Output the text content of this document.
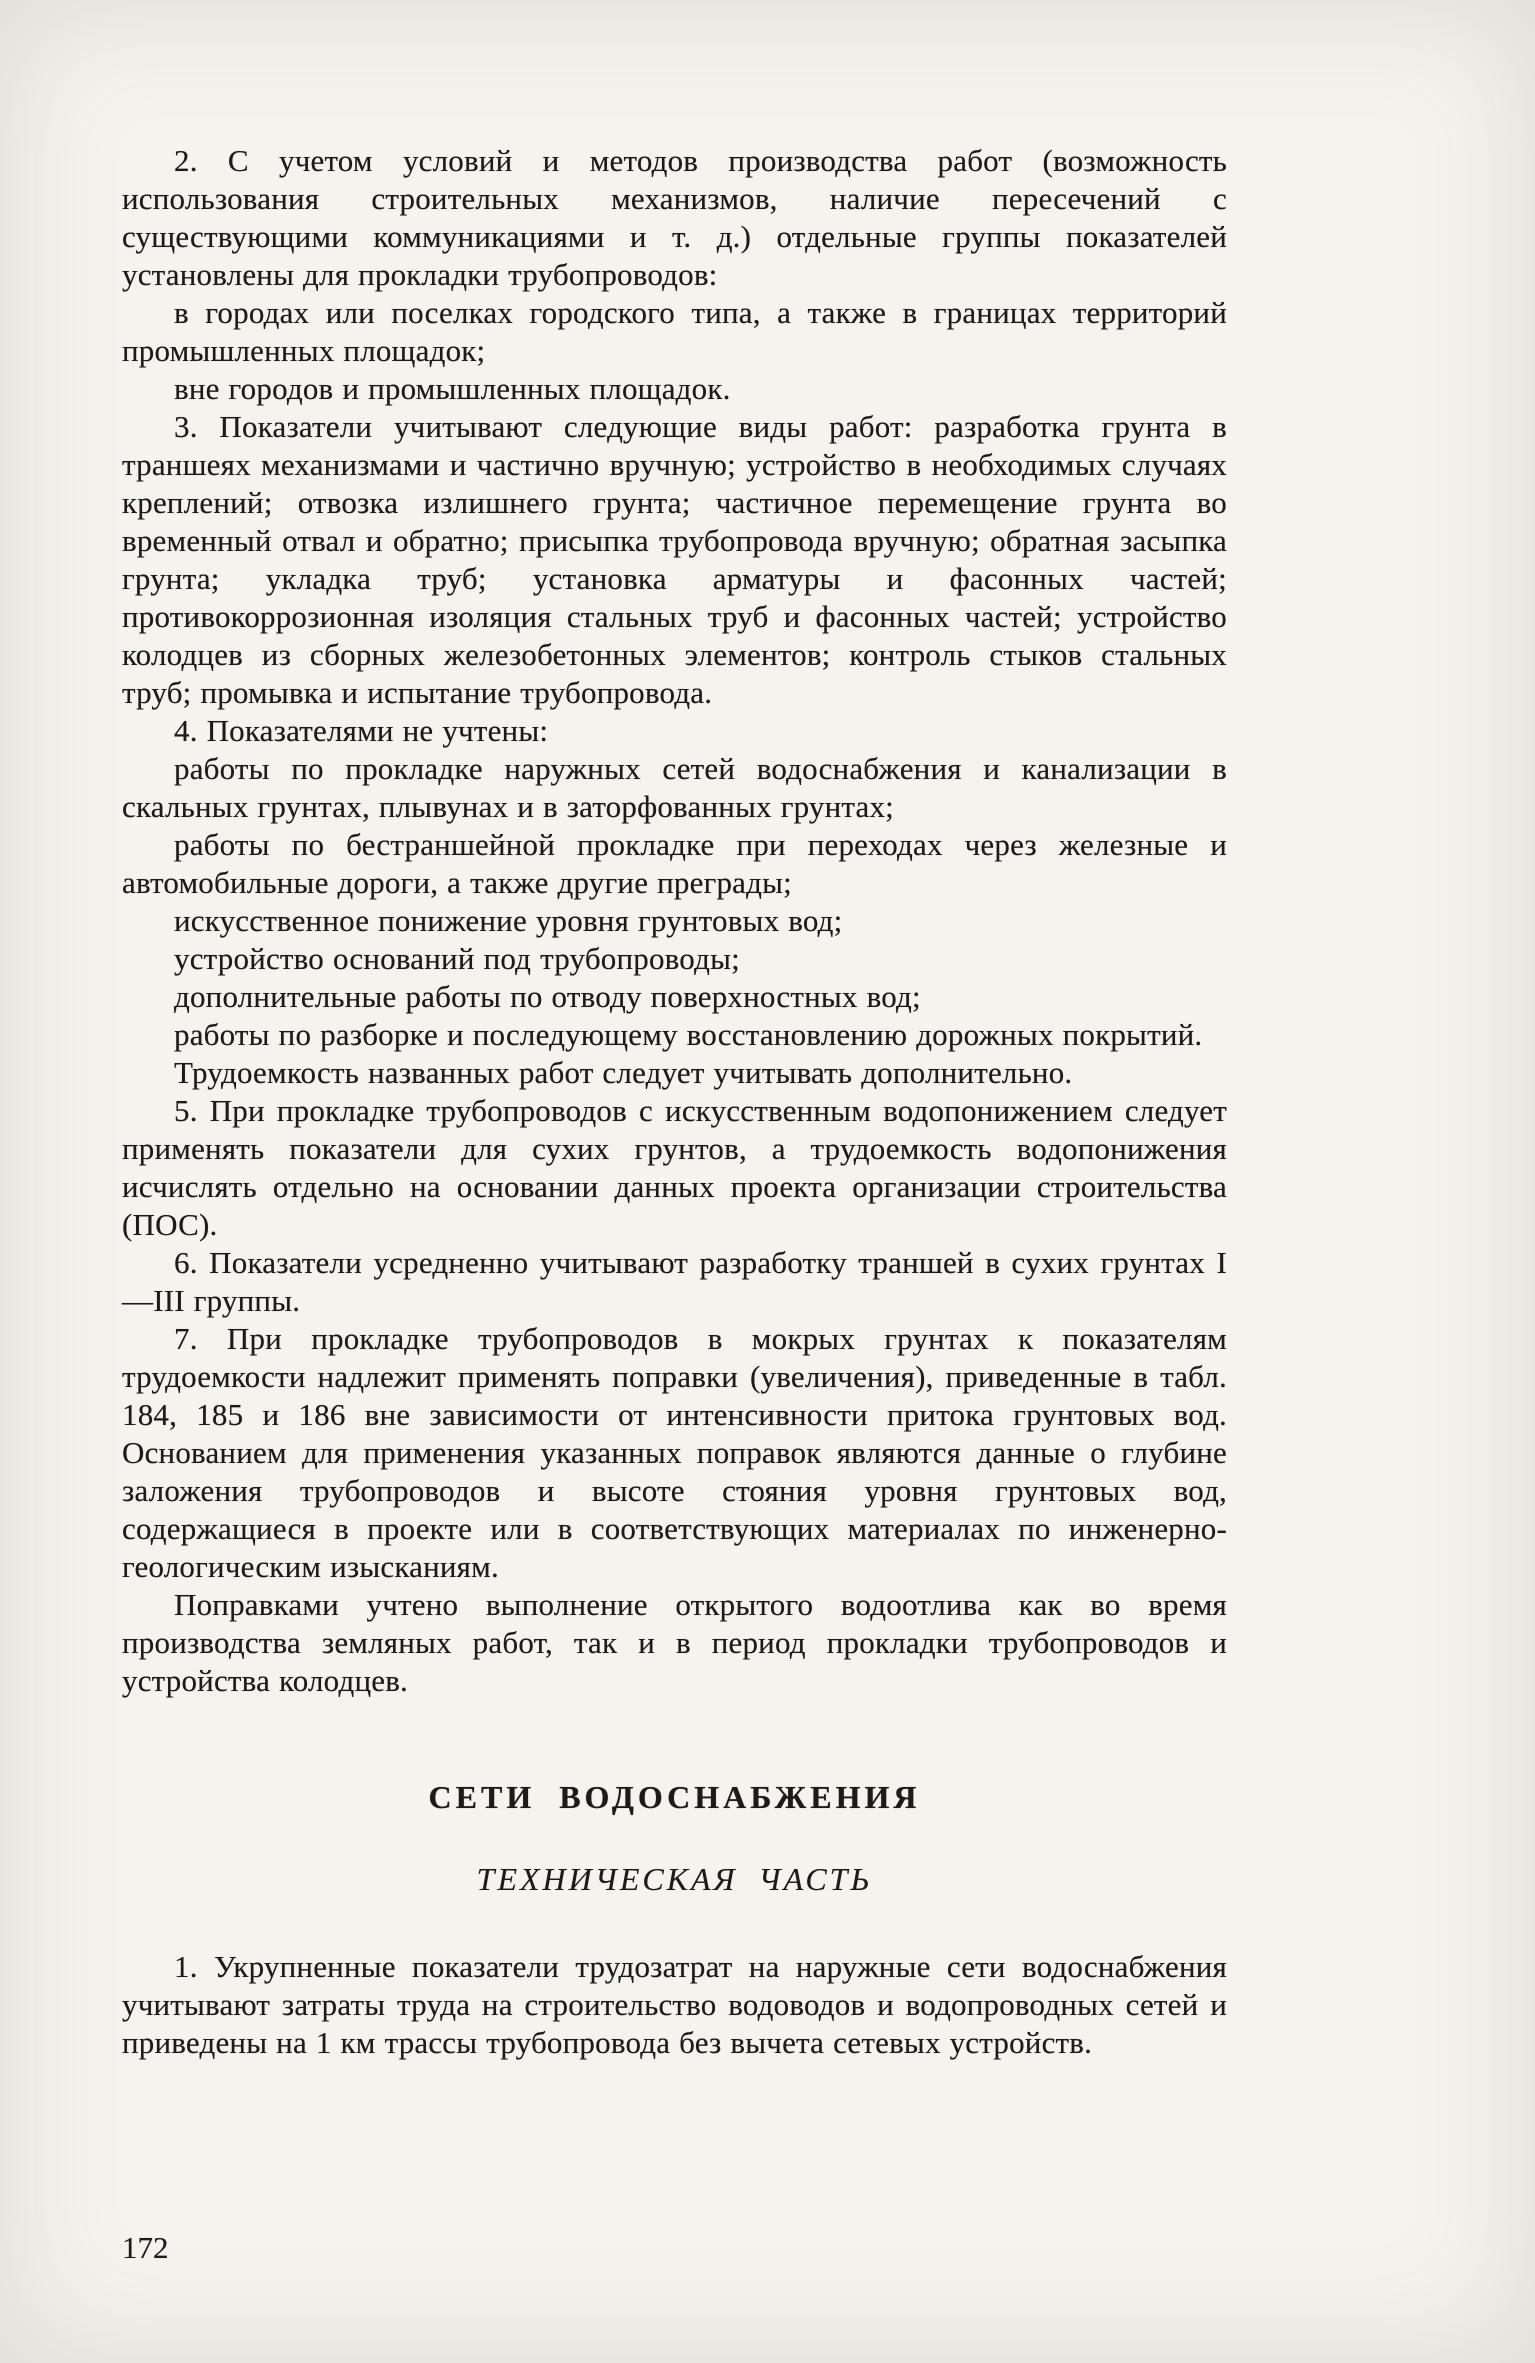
2. С учетом условий и методов производства работ (возможность использования строительных механизмов, наличие пересечений с существующими коммуникациями и т. д.) отдельные группы показателей установлены для прокладки трубопроводов:

в городах или поселках городского типа, а также в границах территорий промышленных площадок;

вне городов и промышленных площадок.

3. Показатели учитывают следующие виды работ: разработка грунта в траншеях механизмами и частично вручную; устройство в необходимых случаях креплений; отвозка излишнего грунта; частичное перемещение грунта во временный отвал и обратно; присыпка трубопровода вручную; обратная засыпка грунта; укладка труб; установка арматуры и фасонных частей; противокоррозионная изоляция стальных труб и фасонных частей; устройство колодцев из сборных железобетонных элементов; контроль стыков стальных труб; промывка и испытание трубопровода.

4. Показателями не учтены:

работы по прокладке наружных сетей водоснабжения и канализации в скальных грунтах, плывунах и в заторфованных грунтах;

работы по бестраншейной прокладке при переходах через железные и автомобильные дороги, а также другие преграды;

искусственное понижение уровня грунтовых вод;

устройство оснований под трубопроводы;

дополнительные работы по отводу поверхностных вод;

работы по разборке и последующему восстановлению дорожных покрытий.

Трудоемкость названных работ следует учитывать дополнительно.

5. При прокладке трубопроводов с искусственным водопонижением следует применять показатели для сухих грунтов, а трудоемкость водопонижения исчислять отдельно на основании данных проекта организации строительства (ПОС).

6. Показатели усредненно учитывают разработку траншей в сухих грунтах I—III группы.

7. При прокладке трубопроводов в мокрых грунтах к показателям трудоемкости надлежит применять поправки (увеличения), приведенные в табл. 184, 185 и 186 вне зависимости от интенсивности притока грунтовых вод. Основанием для применения указанных поправок являются данные о глубине заложения трубопроводов и высоте стояния уровня грунтовых вод, содержащиеся в проекте или в соответствующих материалах по инженерно-геологическим изысканиям.

Поправками учтено выполнение открытого водоотлива как во время производства земляных работ, так и в период прокладки трубопроводов и устройства колодцев.

СЕТИ ВОДОСНАБЖЕНИЯ
ТЕХНИЧЕСКАЯ ЧАСТЬ

1. Укрупненные показатели трудозатрат на наружные сети водоснабжения учитывают затраты труда на строительство водоводов и водопроводных сетей и приведены на 1 км трассы трубопровода без вычета сетевых устройств.

172
